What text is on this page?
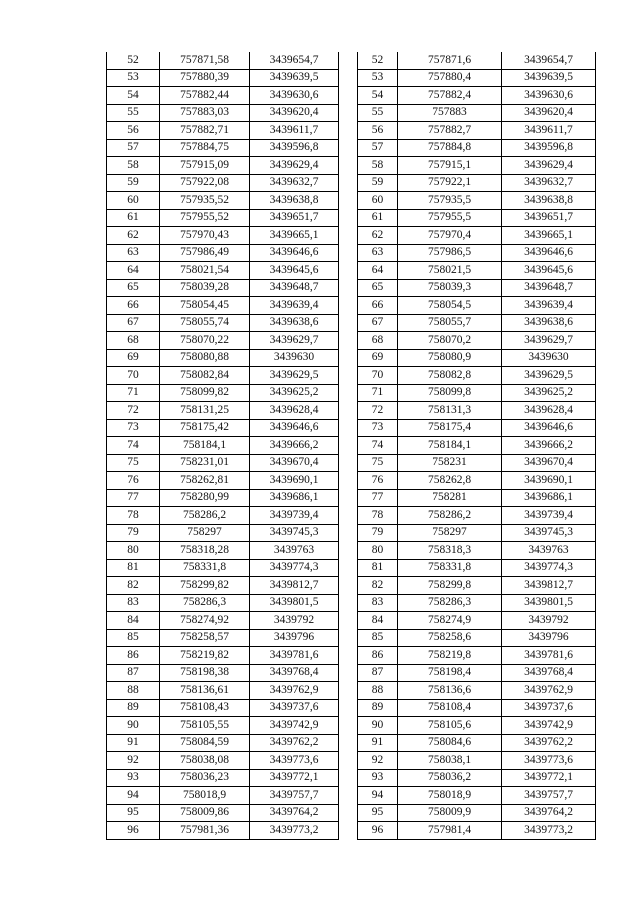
52	757871,58	3439654,7
53	757880,39	3439639,5
54	757882,44	3439630,6
55	757883,03	3439620,4
56	757882,71	3439611,7
57	757884,75	3439596,8
58	757915,09	3439629,4
59	757922,08	3439632,7
60	757935,52	3439638,8
61	757955,52	3439651,7
62	757970,43	3439665,1
63	757986,49	3439646,6
64	758021,54	3439645,6
65	758039,28	3439648,7
66	758054,45	3439639,4
67	758055,74	3439638,6
68	758070,22	3439629,7
69	758080,88	3439630
70	758082,84	3439629,5
71	758099,82	3439625,2
72	758131,25	3439628,4
73	758175,42	3439646,6
74	758184,1	3439666,2
75	758231,01	3439670,4
76	758262,81	3439690,1
77	758280,99	3439686,1
78	758286,2	3439739,4
79	758297	3439745,3
80	758318,28	3439763
81	758331,8	3439774,3
82	758299,82	3439812,7
83	758286,3	3439801,5
84	758274,92	3439792
85	758258,57	3439796
86	758219,82	3439781,6
87	758198,38	3439768,4
88	758136,61	3439762,9
89	758108,43	3439737,6
90	758105,55	3439742,9
91	758084,59	3439762,2
92	758038,08	3439773,6
93	758036,23	3439772,1
94	758018,9	3439757,7
95	758009,86	3439764,2
96	757981,36	3439773,2
52	757871,6	3439654,7
53	757880,4	3439639,5
54	757882,4	3439630,6
55	757883	3439620,4
56	757882,7	3439611,7
57	757884,8	3439596,8
58	757915,1	3439629,4
59	757922,1	3439632,7
60	757935,5	3439638,8
61	757955,5	3439651,7
62	757970,4	3439665,1
63	757986,5	3439646,6
64	758021,5	3439645,6
65	758039,3	3439648,7
66	758054,5	3439639,4
67	758055,7	3439638,6
68	758070,2	3439629,7
69	758080,9	3439630
70	758082,8	3439629,5
71	758099,8	3439625,2
72	758131,3	3439628,4
73	758175,4	3439646,6
74	758184,1	3439666,2
75	758231	3439670,4
76	758262,8	3439690,1
77	758281	3439686,1
78	758286,2	3439739,4
79	758297	3439745,3
80	758318,3	3439763
81	758331,8	3439774,3
82	758299,8	3439812,7
83	758286,3	3439801,5
84	758274,9	3439792
85	758258,6	3439796
86	758219,8	3439781,6
87	758198,4	3439768,4
88	758136,6	3439762,9
89	758108,4	3439737,6
90	758105,6	3439742,9
91	758084,6	3439762,2
92	758038,1	3439773,6
93	758036,2	3439772,1
94	758018,9	3439757,7
95	758009,9	3439764,2
96	757981,4	3439773,2
